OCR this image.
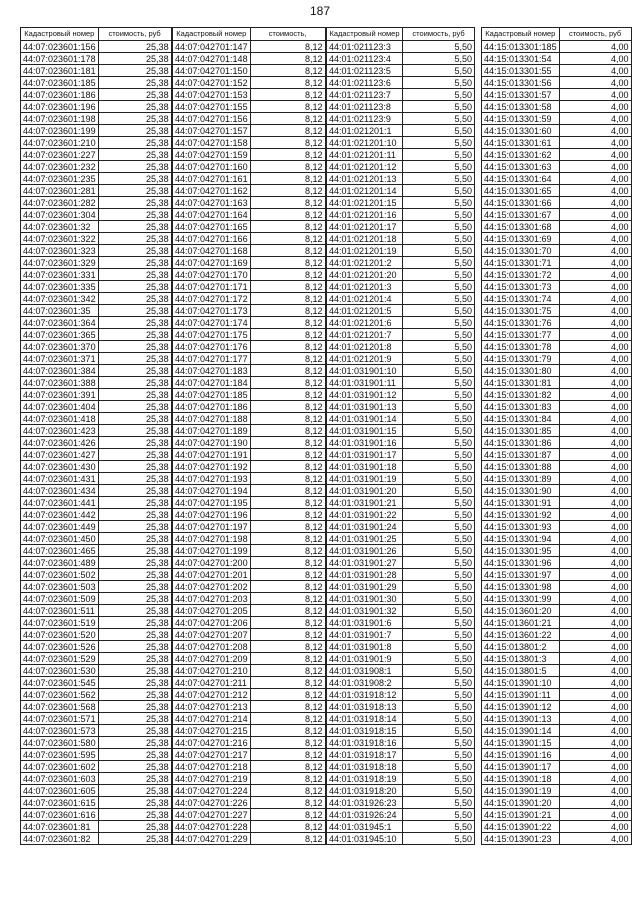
187
Кадастровый номер	стоимость, руб
44:07:023601:156	25,38
44:07:023601:178	25,38
44:07:023601:181	25,38
44:07:023601:185	25,38
44:07:023601:186	25,38
44:07:023601:196	25,38
44:07:023601:198	25,38
44:07:023601:199	25,38
44:07:023601:210	25,38
44:07:023601:227	25,38
44:07:023601:232	25,38
44:07:023601:235	25,38
44:07:023601:281	25,38
44:07:023601:282	25,38
44:07:023601:304	25,38
44:07:023601:32	25,38
44:07:023601:322	25,38
44:07:023601:323	25,38
44:07:023601:329	25,38
44:07:023601:331	25,38
44:07:023601:335	25,38
44:07:023601:342	25,38
44:07:023601:35	25,38
44:07:023601:364	25,38
44:07:023601:365	25,38
44:07:023601:370	25,38
44:07:023601:371	25,38
44:07:023601:384	25,38
44:07:023601:388	25,38
44:07:023601:391	25,38
44:07:023601:404	25,38
44:07:023601:418	25,38
44:07:023601:423	25,38
44:07:023601:426	25,38
44:07:023601:427	25,38
44:07:023601:430	25,38
44:07:023601:431	25,38
44:07:023601:434	25,38
44:07:023601:441	25,38
44:07:023601:442	25,38
44:07:023601:449	25,38
44:07:023601:450	25,38
44:07:023601:465	25,38
44:07:023601:489	25,38
44:07:023601:502	25,38
44:07:023601:503	25,38
44:07:023601:509	25,38
44:07:023601:511	25,38
44:07:023601:519	25,38
44:07:023601:520	25,38
44:07:023601:526	25,38
44:07:023601:529	25,38
44:07:023601:530	25,38
44:07:023601:545	25,38
44:07:023601:562	25,38
44:07:023601:568	25,38
44:07:023601:571	25,38
44:07:023601:573	25,38
44:07:023601:580	25,38
44:07:023601:595	25,38
44:07:023601:602	25,38
44:07:023601:603	25,38
44:07:023601:605	25,38
44:07:023601:615	25,38
44:07:023601:616	25,38
44:07:023601:81	25,38
44:07:023601:82	25,38
Кадастровый номер	стоимость,
44:07:042701:147	8,12
44:07:042701:148	8,12
44:07:042701:150	8,12
44:07:042701:152	8,12
44:07:042701:153	8,12
44:07:042701:155	8,12
44:07:042701:156	8,12
44:07:042701:157	8,12
44:07:042701:158	8,12
44:07:042701:159	8,12
44:07:042701:160	8,12
44:07:042701:161	8,12
44:07:042701:162	8,12
44:07:042701:163	8,12
44:07:042701:164	8,12
44:07:042701:165	8,12
44:07:042701:166	8,12
44:07:042701:168	8,12
44:07:042701:169	8,12
44:07:042701:170	8,12
44:07:042701:171	8,12
44:07:042701:172	8,12
44:07:042701:173	8,12
44:07:042701:174	8,12
44:07:042701:175	8,12
44:07:042701:176	8,12
44:07:042701:177	8,12
44:07:042701:183	8,12
44:07:042701:184	8,12
44:07:042701:185	8,12
44:07:042701:186	8,12
44:07:042701:188	8,12
44:07:042701:189	8,12
44:07:042701:190	8,12
44:07:042701:191	8,12
44:07:042701:192	8,12
44:07:042701:193	8,12
44:07:042701:194	8,12
44:07:042701:195	8,12
44:07:042701:196	8,12
44:07:042701:197	8,12
44:07:042701:198	8,12
44:07:042701:199	8,12
44:07:042701:200	8,12
44:07:042701:201	8,12
44:07:042701:202	8,12
44:07:042701:203	8,12
44:07:042701:205	8,12
44:07:042701:206	8,12
44:07:042701:207	8,12
44:07:042701:208	8,12
44:07:042701:209	8,12
44:07:042701:210	8,12
44:07:042701:211	8,12
44:07:042701:212	8,12
44:07:042701:213	8,12
44:07:042701:214	8,12
44:07:042701:215	8,12
44:07:042701:216	8,12
44:07:042701:217	8,12
44:07:042701:218	8,12
44:07:042701:219	8,12
44:07:042701:224	8,12
44:07:042701:226	8,12
44:07:042701:227	8,12
44:07:042701:228	8,12
44:07:042701:229	8,12
Кадастровый номер	стоимость, руб
44:01:021123:3	5,50
44:01:021123:4	5,50
44:01:021123:5	5,50
44:01:021123:6	5,50
44:01:021123:7	5,50
44:01:021123:8	5,50
44:01:021123:9	5,50
44:01:021201:1	5,50
44:01:021201:10	5,50
44:01:021201:11	5,50
44:01:021201:12	5,50
44:01:021201:13	5,50
44:01:021201:14	5,50
44:01:021201:15	5,50
44:01:021201:16	5,50
44:01:021201:17	5,50
44:01:021201:18	5,50
44:01:021201:19	5,50
44:01:021201:2	5,50
44:01:021201:20	5,50
44:01:021201:3	5,50
44:01:021201:4	5,50
44:01:021201:5	5,50
44:01:021201:6	5,50
44:01:021201:7	5,50
44:01:021201:8	5,50
44:01:021201:9	5,50
44:01:031901:10	5,50
44:01:031901:11	5,50
44:01:031901:12	5,50
44:01:031901:13	5,50
44:01:031901:14	5,50
44:01:031901:15	5,50
44:01:031901:16	5,50
44:01:031901:17	5,50
44:01:031901:18	5,50
44:01:031901:19	5,50
44:01:031901:20	5,50
44:01:031901:21	5,50
44:01:031901:22	5,50
44:01:031901:24	5,50
44:01:031901:25	5,50
44:01:031901:26	5,50
44:01:031901:27	5,50
44:01:031901:28	5,50
44:01:031901:29	5,50
44:01:031901:30	5,50
44:01:031901:32	5,50
44:01:031901:6	5,50
44:01:031901:7	5,50
44:01:031901:8	5,50
44:01:031901:9	5,50
44:01:031908:1	5,50
44:01:031908:2	5,50
44:01:031918:12	5,50
44:01:031918:13	5,50
44:01:031918:14	5,50
44:01:031918:15	5,50
44:01:031918:16	5,50
44:01:031918:17	5,50
44:01:031918:18	5,50
44:01:031918:19	5,50
44:01:031918:20	5,50
44:01:031926:23	5,50
44:01:031926:24	5,50
44:01:031945:1	5,50
44:01:031945:10	5,50
Кадастровый номер	стоимость, руб
44:15:013301:185	4,00
44:15:013301:54	4,00
44:15:013301:55	4,00
44:15:013301:56	4,00
44:15:013301:57	4,00
44:15:013301:58	4,00
44:15:013301:59	4,00
44:15:013301:60	4,00
44:15:013301:61	4,00
44:15:013301:62	4,00
44:15:013301:63	4,00
44:15:013301:64	4,00
44:15:013301:65	4,00
44:15:013301:66	4,00
44:15:013301:67	4,00
44:15:013301:68	4,00
44:15:013301:69	4,00
44:15:013301:70	4,00
44:15:013301:71	4,00
44:15:013301:72	4,00
44:15:013301:73	4,00
44:15:013301:74	4,00
44:15:013301:75	4,00
44:15:013301:76	4,00
44:15:013301:77	4,00
44:15:013301:78	4,00
44:15:013301:79	4,00
44:15:013301:80	4,00
44:15:013301:81	4,00
44:15:013301:82	4,00
44:15:013301:83	4,00
44:15:013301:84	4,00
44:15:013301:85	4,00
44:15:013301:86	4,00
44:15:013301:87	4,00
44:15:013301:88	4,00
44:15:013301:89	4,00
44:15:013301:90	4,00
44:15:013301:91	4,00
44:15:013301:92	4,00
44:15:013301:93	4,00
44:15:013301:94	4,00
44:15:013301:95	4,00
44:15:013301:96	4,00
44:15:013301:97	4,00
44:15:013301:98	4,00
44:15:013301:99	4,00
44:15:013601:20	4,00
44:15:013601:21	4,00
44:15:013601:22	4,00
44:15:013801:2	4,00
44:15:013801:3	4,00
44:15:013801:5	4,00
44:15:013901:10	4,00
44:15:013901:11	4,00
44:15:013901:12	4,00
44:15:013901:13	4,00
44:15:013901:14	4,00
44:15:013901:15	4,00
44:15:013901:16	4,00
44:15:013901:17	4,00
44:15:013901:18	4,00
44:15:013901:19	4,00
44:15:013901:20	4,00
44:15:013901:21	4,00
44:15:013901:22	4,00
44:15:013901:23	4,00
